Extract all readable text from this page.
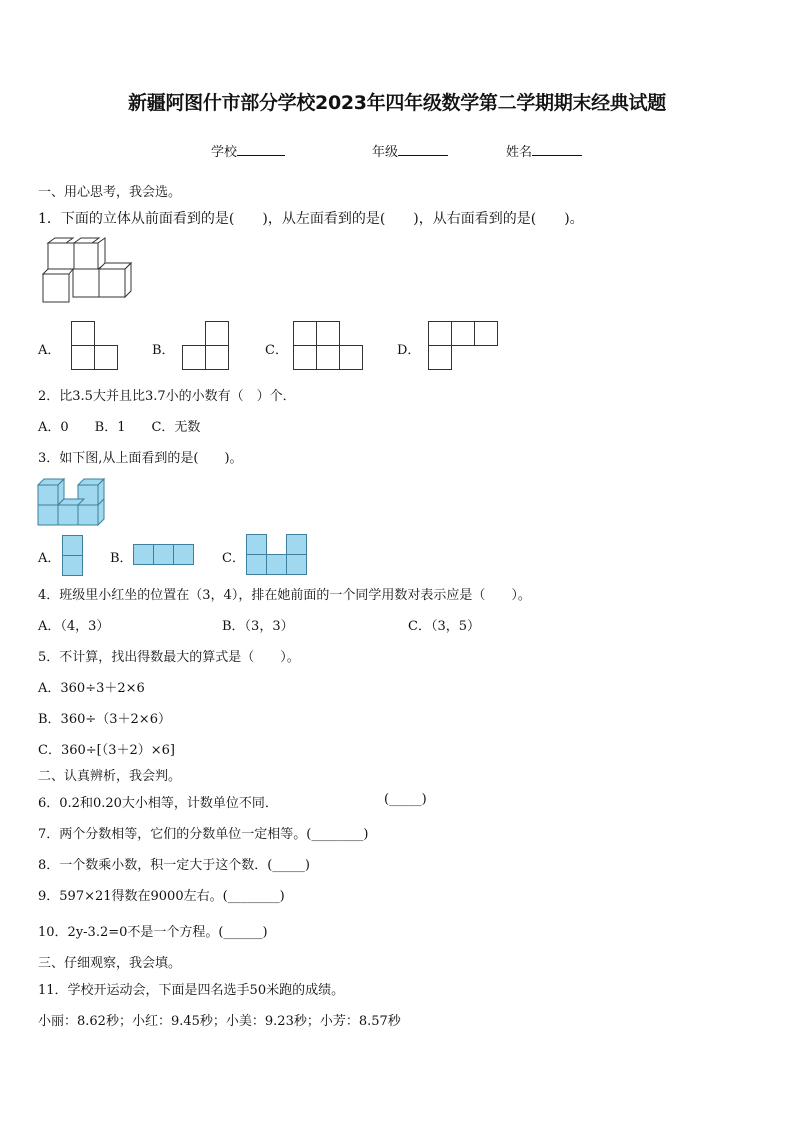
新疆阿图什市部分学校2023年四年级数学第二学期期末经典试题
学校	年级	姓名
一、用心思考，我会选。
1．下面的立体从前面看到的是(　　)，从左面看到的是(　　)，从右面看到的是(　　)。
A．	B．	C．	D．
2．比3.5大并且比3.7小的小数有（　）个．
A．0　　B．1　　C．无数
3．如下图,从上面看到的是(　　)。
A．	B．	C．
4．班级里小红坐的位置在（3，4），排在她前面的一个同学用数对表示应是（　　）。
A．（4，3）	B．（3，3）	C．（3，5）
5．不计算，找出得数最大的算式是（　　）。
A．360÷3＋2×6
B．360÷（3＋2×6）
C．360÷[（3＋2）×6]
二、认真辨析，我会判。
6．0.2和0.20大小相等，计数单位不同．	(_____)
7．两个分数相等，它们的分数单位一定相等。(________)
8．一个数乘小数，积一定大于这个数．(_____)
9．597×21得数在9000左右。(________)
10．2y-3.2=0不是一个方程。(______)
三、仔细观察，我会填。
11．学校开运动会，下面是四名选手50米跑的成绩。
小丽：8.62秒；小红：9.45秒；小美：9.23秒；小芳：8.57秒
